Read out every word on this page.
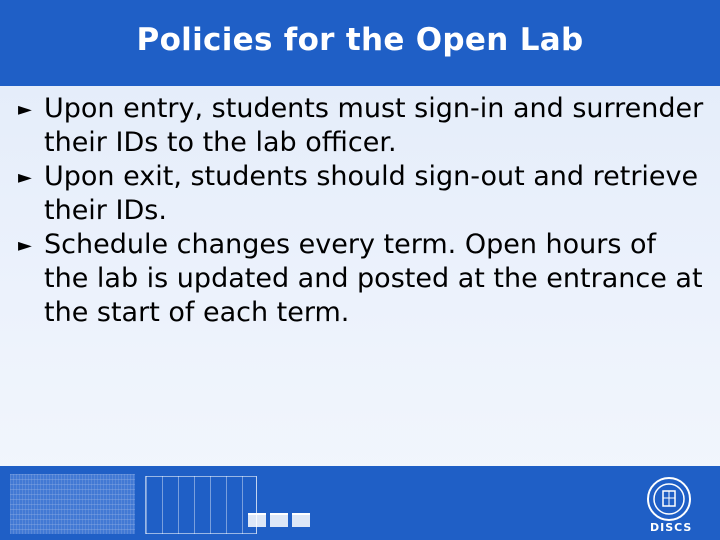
Policies for the Open Lab
► Upon entry, students must sign-in and surrender their IDs to the lab officer.
► Upon exit, students should sign-out and retrieve their IDs.
► Schedule changes every term. Open hours of the lab is updated and posted at the entrance at the start of each term.
DISCS
